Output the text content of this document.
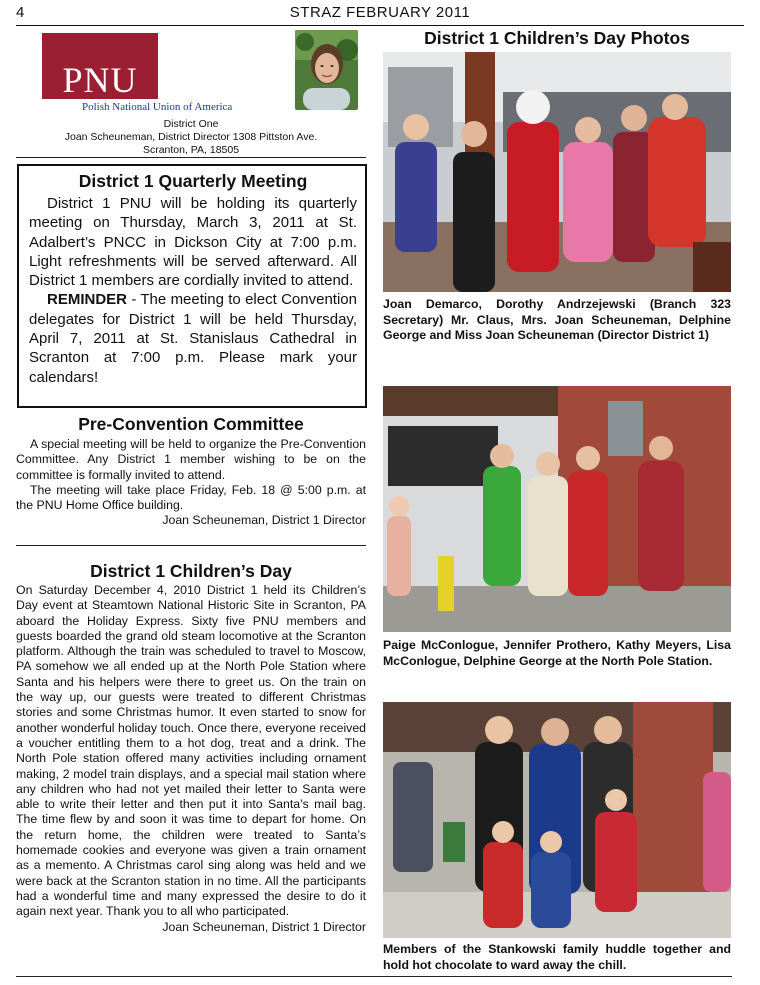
4	STRAZ FEBRUARY 2011
PNU
Polish National Union of America
District One
Joan Scheuneman, District Director 1308 Pittston Ave.
Scranton, PA, 18505
District 1 Quarterly Meeting

District 1 PNU will be holding its quarterly meeting on Thursday, March 3, 2011 at St. Adalbert’s PNCC in Dickson City at 7:00 p.m. Light refreshments will be served afterward. All District 1 members are cordially invited to attend.

REMINDER - The meeting to elect Convention delegates for District 1 will be held Thursday, April 7, 2011 at St. Stanislaus Cathedral in Scranton at 7:00 p.m. Please mark your calendars!

Pre-Convention Committee

A special meeting will be held to organize the Pre-Convention Committee. Any District 1 member wishing to be on the committee is formally invited to attend.

The meeting will take place Friday, Feb. 18 @ 5:00 p.m. at the PNU Home Office building.

Joan Scheuneman, District 1 Director

District 1 Children’s Day

On Saturday December 4, 2010 District 1 held its Children’s Day event at Steamtown National Historic Site in Scranton, PA aboard the Holiday Express. Sixty five PNU members and guests boarded the grand old steam locomotive at the Scranton platform. Although the train was scheduled to travel to Moscow, PA somehow we all ended up at the North Pole Station where Santa and his helpers were there to greet us. On the train on the way up, our guests were treated to different Christmas stories and some Christmas humor. It even started to snow for another wonderful holiday touch. Once there, everyone received a voucher entitling them to a hot dog, treat and a drink. The North Pole station offered many activities including ornament making, 2 model train displays, and a special mail station where any children who had not yet mailed their letter to Santa were able to write their letter and then put it into Santa’s mail bag. The time flew by and soon it was time to depart for home. On the return home, the children were treated to Santa’s homemade cookies and everyone was given a train ornament as a memento. A Christmas carol sing along was held and we were back at the Scranton station in no time. All the participants had a wonderful time and many expressed the desire to do it again next year. Thank you to all who participated.

Joan Scheuneman, District 1 Director

District 1 Children’s Day Photos
Joan Demarco, Dorothy Andrzejewski (Branch 323 Secretary) Mr. Claus, Mrs. Joan Scheuneman, Delphine George and Miss Joan Scheuneman (Director District 1)
Paige McConlogue, Jennifer Prothero, Kathy Meyers, Lisa McConlogue, Delphine George at the North Pole Station.
Members of the Stankowski family huddle together and hold hot chocolate to ward away the chill.
